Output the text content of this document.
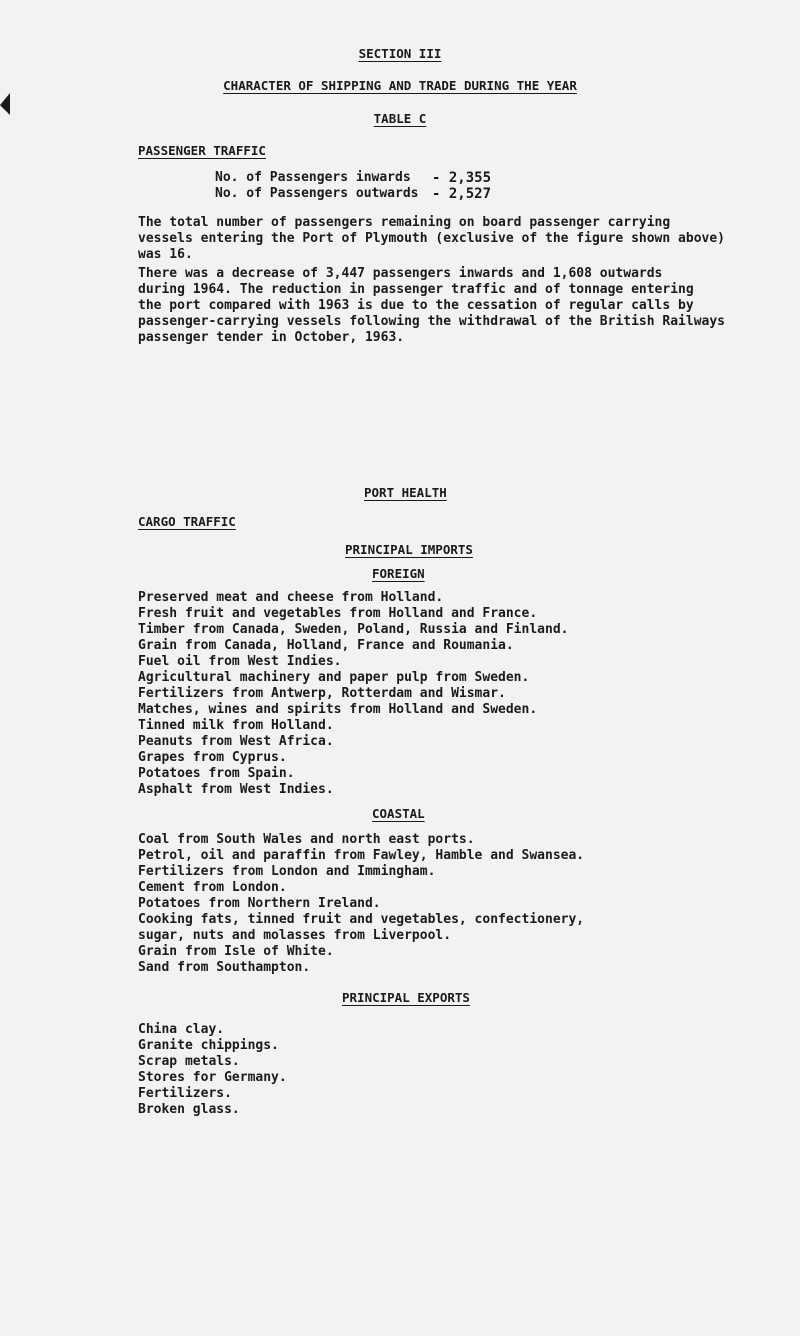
SECTION III
CHARACTER OF SHIPPING AND TRADE DURING THE YEAR
TABLE C
PASSENGER TRAFFIC
No. of Passengers inwards - 2,355
No. of Passengers outwards - 2,527
The total number of passengers remaining on board passenger carrying
vessels entering the Port of Plymouth (exclusive of the figure shown above)
was 16.
There was a decrease of 3,447 passengers inwards and 1,608 outwards
during 1964. The reduction in passenger traffic and of tonnage entering
the port compared with 1963 is due to the cessation of regular calls by
passenger-carrying vessels following the withdrawal of the British Railways
passenger tender in October, 1963.
PORT HEALTH
CARGO TRAFFIC
PRINCIPAL IMPORTS
FOREIGN
Preserved meat and cheese from Holland.
Fresh fruit and vegetables from Holland and France.
Timber from Canada, Sweden, Poland, Russia and Finland.
Grain from Canada, Holland, France and Roumania.
Fuel oil from West Indies.
Agricultural machinery and paper pulp from Sweden.
Fertilizers from Antwerp, Rotterdam and Wismar.
Matches, wines and spirits from Holland and Sweden.
Tinned milk from Holland.
Peanuts from West Africa.
Grapes from Cyprus.
Potatoes from Spain.
Asphalt from West Indies.
COASTAL
Coal from South Wales and north east ports.
Petrol, oil and paraffin from Fawley, Hamble and Swansea.
Fertilizers from London and Immingham.
Cement from London.
Potatoes from Northern Ireland.
Cooking fats, tinned fruit and vegetables, confectionery,
sugar, nuts and molasses from Liverpool.
Grain from Isle of White.
Sand from Southampton.
PRINCIPAL EXPORTS
China clay.
Granite chippings.
Scrap metals.
Stores for Germany.
Fertilizers.
Broken glass.
